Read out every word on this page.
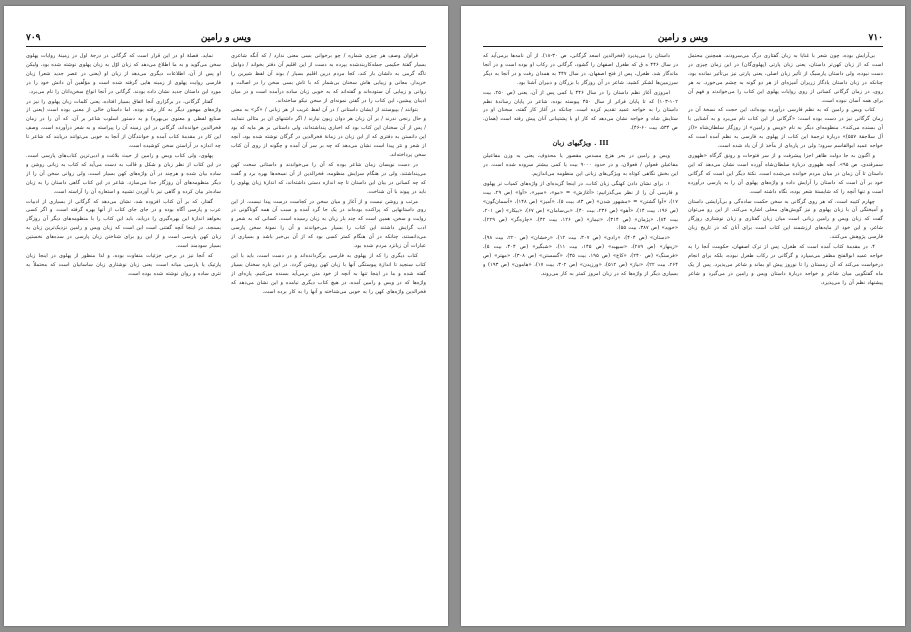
۷۰۹	ویس و رامین

فراوان وصف هر چیزی شماره / چو برخوانی بسی معنی ندارد / که آنگه شاعری بسیار گفتهٔ حکیمی جمله‌کاربندشده بپرده به دست از این اقلیم آن دفتر بخواند / دوامل ناگه گرمی به دلشان بار کند، کجا مردم درین اقلیم بسیار / بوند آن لفظ شیرین را خریدار. معانی و زیبایی هاش سخنان بی‌شمار که با تاش بسی سخن را در اصالت و روانی و زیبایی آن ستوده‌اند و گفته‌اند که به خوبی زبان ساده درآمده است و در میان ادیبان پیشین، این کتاب را در گفتن نمونه‌ای از سخن نیکو ساخته‌اند.

بتوانند / بپیوستند از ایشان داستانی / در آن لفظ غریب از هر زبانی / «گر» به معنی و حال رنجی ندرند / بر آن زبان هر دوان زبون نیارند / اگر داشتهای ان بر مثالی ننمایند / پس از آن سخنان این کتاب بود که اخباری پنداشته‌اند، ولی داستانی بر هر مایه که بود این دانستن به دفتری که از این زبان در زمانهٔ فخرالدین در گرگان نوشته شده بود، آنچه از شعر و نثر پیدا است نشان می‌دهد که چه بر سر آن آمده و چگونه از روی آن کتاب سخن پرداخته‌اند.

در دست نویسان زمان شاعر بوده که آن را می‌خواندند و داستانی سخت کهن می‌پنداشتند. ولی در هنگام سرایش منظومه، فخرالدین از آن نسخه‌ها بهره برد و گفت که چه کسانی در بیان این داستان تا چه اندازه دستی داشته‌اند، که اندازهٔ زبان پهلوی را باید در پیوند با آن شناخت.

مرتب و روشن نیست و از آغاز و میان سخن در کجاست درست پیدا نیست. از این روی داستانهایی که پراکنده بوده‌اند در یک جا گرد آمده و سبب آن همه گوناگونی در روایت و سخن، همین است که چند بار زبان به زبان رسیده است. کسانی که به شعر و ادب گرایش داشتند این کتاب را بسیار می‌خواندند و آن را نمونهٔ سخن پارسی می‌دانستند، چنانکه در آن هنگام کمتر کسی بود که از آن بی‌خبر باشد و بسیاری از عبارات آن زبانزد مردم شده بود.

کتاب دیگری را که از پهلوی به فارسی برگردانده‌اند و در دست است، باید با این کتاب سنجید تا اندازهٔ پیوستگی آنها با زبان کهن روشن گردد. در این باره سخنان بسیار گفته شده و ما در اینجا تنها به آنچه از خود متن برمی‌آید بسنده می‌کنیم. پاره‌ای از واژه‌ها که در ویس و رامین آمده، در هیچ کتاب دیگری نیامده و این نشان می‌دهد که فخرالدین واژه‌های کهن را به خوبی می‌شناخته و آنها را به کار برده است.

نماید. فصلهٔ او در این قرار است که گرگانی در درجهٔ اول در زمینهٔ روایات پهلوی سخن می‌گوید و به ما اطلاع می‌دهد که زبان اوّل به زبان پهلوی نوشته شده بود، ولیکن او پس از آن، اطلاعات دیگری می‌دهد از زبان او (یعنی در عصر جدید شعر) زبان فارسی روایت پهلوی از زمینه هایی گرفته شده است و مؤلّفین آن دانش خود را در مورد این داستان جدید نشان داده بودند. گرگانی در آنجا انواع سخن‌دانان را نام می‌برد.

گفتار گرگانی، در برگزاری آنجا اتفاق بسیار افتاده، یعنی کلمات زبان پهلوی را نیز در واژه‌های مهجور دیگر به کار رفته بوده، اما داستان خالی از معنی بوده است (یعنی از صنایع لفظی و معنوی بی‌بهره) و به دستور اسلوب شاعر بر آن، که آن را در زمان فخرالدین خوانده‌اند، گرگانی در این زمینه آن را پیراسته و به شعر درآورده است. وصف این کار در مقدمهٔ کتاب آمده و خوانندگان از آنجا به خوبی می‌توانند دریابند که شاعر تا چه اندازه در آراستن سخن کوشیده است.

پهلوی، ولی کتاب ویس و رامین از حیث بلاغت و ادبی‌ترین کتاب‌های پارسی است. در این کتاب از نظر زبان و شکل و قالب به دست می‌آید که کتاب به زبانی روشن و ساده بیان شده و هرچند در آن واژه‌های کهن بسیار است، ولی روانی سخن آن را از دیگر منظومه‌های آن روزگار جدا می‌سازد. شاعر در این کتاب گاهی داستان را به زبان ساده‌تر بیان کرده و گاهی نیز با آوردن تشبیه و استعاره آن را آراسته است.

گفتار، که بر آن کتاب افزوده شد، نشان می‌دهد که گرگانی از بسیاری از ادبیات عرب و پارسی آگاه بوده و در جای جای کتاب از آنها بهره گرفته است. و اگر کسی بخواهد اندازهٔ این بهره‌گیری را دریابد، باید این کتاب را با منظومه‌های دیگر آن روزگار بسنجد. در اینجا آنچه گفتنی است این است که زبان ویس و رامین نزدیک‌ترین زبان به زبان کهن پارسی است و از این رو برای شناختن زبان پارسی در سده‌های نخستین بسیار سودمند است.

که آنجا نیز در برخی جزئیات متفاوت بوده، و لذا منظور از پهلوی در اینجا زبان پارتیک یا پارسی میانه است، یعنی زبان نوشتاری زبان ساسانیان است که محتملاً به نثری ساده و روان نوشته شده بوده است.

ویس و رامین	۷۱۰

بی‌آرایش بوده، چون شعر با غنایا به زبان گفتاری درگ می‌سرودند. همچنین محتمل است که از زبان کهن‌تر داستان، یعنی زبان پارتی (پهلوی‌گان) در این زمان چیزی در دست نبوده، ولی داستان پارسیگ از تأثیر زبان اصلی، یعنی پارتی نیز بی‌تأثیر نمانده بود، چنانکه در زبان داستان یادگار زریران آمیزه‌ای از هر دو گونه به چشم می‌خورد. به هر روی، در زمان گرگانی کسانی از روی روایات پهلوی این کتاب را می‌خواندند و فهم آن برای همه آسان نبوده است.

کتاب ویس و رامین که به نظم فارسی درآورده بوده‌اند، این حجت که نسخهٔ آن در زمان گرگانی نیز در دست بوده است: «گرگانی از این کتاب نام می‌برد و به آشنایی با آن بسنده می‌کند». منظومه‌ای دیگر به نام «ویس و رامین» از روزگار سلطان‌شاه «(از آل سلاجقهٔ ۵۵۷)» دربارهٔ ترجمهٔ این کتاب از پهلوی به فارسی به نظم آمده است که خواجه عمید ابوالقاسم سرود؛ ولی در پاره‌ای از مآخذ از آن یاد شده است.

و اگنون به جا دولت ظاهر اجزا پیشرفت و از سر فتوحات و رونق گرگاه «ظهوری سمرقندی، ص ۹۵». آنچه ظهوری دربارهٔ سلطان‌شاه آورده است نشان می‌دهد که این داستان تا آن زمان در میان مردم خوانده می‌شده است. نکتهٔ دیگر این است که گرگانی خود بر آن است که داستان را آرایش داده و واژه‌های پهلوی آن را به پارسی درآورده است و تنها آنچه را که شایستهٔ شعر بوده، نگاه داشته است.

چهارم کتیبه است، که هر روی گرگانی به سخن حکمت ساده‌گی و بی‌آرایشی داستان و آمیختگی آن با زبان پهلوی و نیز گویش‌های محلی اشاره می‌کند. از این رو می‌توان گفت که زبان ویس و رامین زبانی است میان زبان گفتاری و زبان نوشتاری روزگار شاعر، و این خود از مایه‌های ارزشمند این کتاب است برای آنان که در تاریخ زبان فارسی پژوهش می‌کنند.

۴. در مقدمهٔ کتاب آمده است که طغرل، پس از ترک اصفهان، حکومت آنجا را به خواجه عمید ابوالفتح مظفر می‌سپارد و گرگانی در رکاب طغرل نبوده، بلکه برای انجام درخواست می‌کند که آن زمستان را تا نوروز پیش او بماند و شاعر می‌پذیرد. پس از یک ماه گفتگویی میان شاعر و خواجه دربارهٔ داستان ویس و رامین در می‌گیرد و شاعر پیشنهاد نظم آن را می‌پذیرد.

داستان را می‌پذیرد (فخرالدین اسعد گرگانی، ص ۳۰-۱۸). از آن نامه‌ها برمی‌آید که در سال ۴۴۶ ه‌ ق که طغرل اصفهان را گشود، گرگانی در رکاب او بوده است و در آنجا ماندگار شد. طغرل، پس از فتح اصفهان، در سال ۴۴۷ به همدان رفت و در آنجا به دیگر سرزمین‌ها لشکر کشید. شاعر در آن روزگار با بزرگان و دبیران آشنا بود.

امروزی آغاز نظم داستان را در سال ۴۴۶ یا کمی پس از آن، یعنی (ص ۲۵۰، بیت ۱۰۲-۱۰۳) که تا پایان فراتر از سال ۴۵۰ پیوسته بوده، شاعر در پایان رساندهٔ نظم داستان را به خواجه عمید تقدیم کرده است. چنانکه در آغاز کار گفته، سخنان او در ستایش شاه و خواجه نشان می‌دهد که کار او با پشتیبانی آنان پیش رفته است (همان، ص ۵۳۴، بیت ۶۰-۴۶).

III . ویژگیهای زبان

ویس و رامین در بحر هزج مسدس مقصور یا محذوف، یعنی به وزن مفاعیلن مفاعیلن فعولن / فعولان، و در حدود ۹۰۰۰ بیت یا کمی بیشتر سروده شده است. در این بخش نگاهی کوتاه به ویژگی‌های زبانی این منظومه می‌اندازیم.

۱. برای نشان دادن کهنگی زبان کتاب، در اینجا گزیده‌ای از واژه‌های کمیاب تر پهلوی و فارسی آن را از نظر می‌گذرانیم: «آغازش» = «مو»، «سپر»، «آوا» (ص ۲۹، بیت ۱۷)، «آوا گشتن» = «مشهور شدن» (ص ۸۳، بیت ۵)، «آمیز» (ص ۱۴۸)، «آسمان‌گون» (ص ۱۹۶، بیت ۱۴)، «آهو» (ص ۲۳۶، بیت ۴۰)، «بی‌سامان» (ص ۶۷)، «بیکار» (ص ۲۰۱، بیت ۸۴)، «پژمان» (ص ۳۱۴)، «تیمار» (ص ۱۲۶، بیت ۴۲)، «چاره‌گر» (ص ۲۲۹)، «خوید» (ص ۳۸۷، بیت ۵۵).

«دستان» (ص ۴۰۴)، «رادی» (ص ۳۰۷، بیت ۱۲)، «رخشان» (ص ۲۲۰، بیت ۹۸)، «زینهار» (ص ۲۸۹)، «سپهبد» (ص ۱۴۵، بیت ۱۱)، «شبگیر» (ص ۴۰۴، بیت ۵)، «فرسنگ» (ص ۲۴۰)، «کاخ» (ص ۱۹۵، بیت ۳۵)، «گسستن» (ص ۳۰۸)، «مهتر» (ص ۲۶۴، بیت ۲۲)، «نیاز» (ص ۵۱۲)، «ورزیدن» (ص ۳۰۲، بیت ۱۷)، «هامون» (ص ۱۹۳) و بسیاری دیگر از واژه‌ها که در زبان امروز کمتر به کار می‌روند.
